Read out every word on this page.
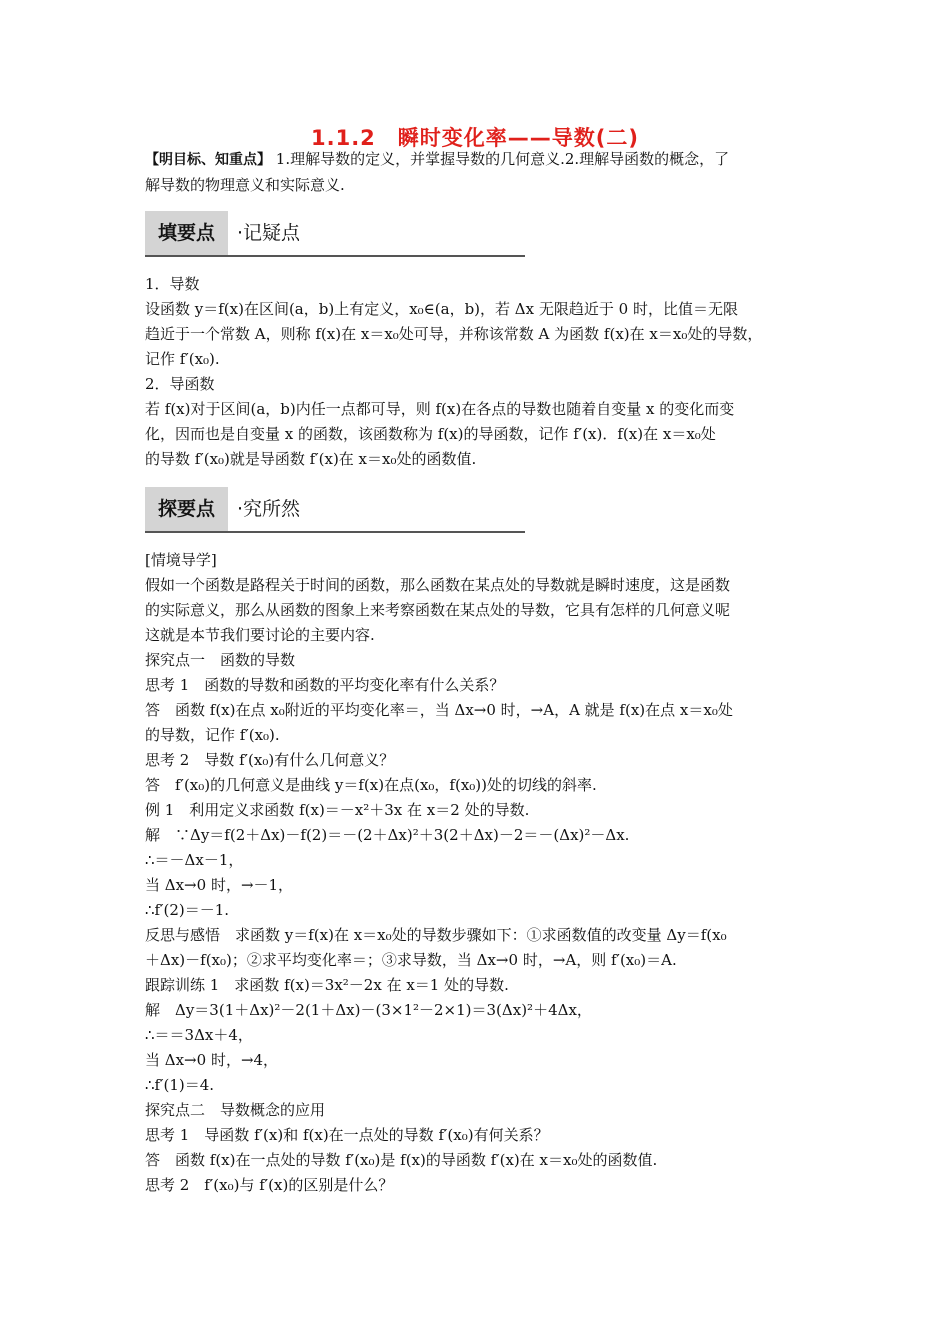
1.1.2　瞬时变化率——导数(二)
【明目标、知重点】 1.理解导数的定义，并掌握导数的几何意义.2.理解导函数的概念，了
解导数的物理意义和实际意义.
填要点	·记疑点

1．导数

设函数 y＝f(x)在区间(a，b)上有定义，x₀∈(a，b)，若 Δx 无限趋近于 0 时，比值＝无限

趋近于一个常数 A，则称 f(x)在 x＝x₀处可导，并称该常数 A 为函数 f(x)在 x＝x₀处的导数，

记作 f′(x₀).

2．导函数

若 f(x)对于区间(a，b)内任一点都可导，则 f(x)在各点的导数也随着自变量 x 的变化而变

化，因而也是自变量 x 的函数，该函数称为 f(x)的导函数，记作 f′(x)．f(x)在 x＝x₀处

的导数 f′(x₀)就是导函数 f′(x)在 x＝x₀处的函数值.

探要点	·究所然

[情境导学]

假如一个函数是路程关于时间的函数，那么函数在某点处的导数就是瞬时速度，这是函数

的实际意义，那么从函数的图象上来考察函数在某点处的导数，它具有怎样的几何意义呢

这就是本节我们要讨论的主要内容.

探究点一　函数的导数

思考 1　函数的导数和函数的平均变化率有什么关系？

答　函数 f(x)在点 x₀附近的平均变化率＝，当 Δx→0 时，→A，A 就是 f(x)在点 x＝x₀处

的导数，记作 f′(x₀).

思考 2　导数 f′(x₀)有什么几何意义？

答　f′(x₀)的几何意义是曲线 y＝f(x)在点(x₀，f(x₀))处的切线的斜率.

例 1　利用定义求函数 f(x)＝－x²＋3x 在 x＝2 处的导数.

解　∵Δy＝f(2＋Δx)－f(2)＝－(2＋Δx)²＋3(2＋Δx)－2＝－(Δx)²－Δx.

∴＝－Δx－1，

当 Δx→0 时，→－1，

∴f′(2)＝－1.

反思与感悟　求函数 y＝f(x)在 x＝x₀处的导数步骤如下：①求函数值的改变量 Δy＝f(x₀

＋Δx)－f(x₀)；②求平均变化率＝；③求导数，当 Δx→0 时，→A，则 f′(x₀)＝A.

跟踪训练 1　求函数 f(x)＝3x²－2x 在 x＝1 处的导数.

解　Δy＝3(1＋Δx)²－2(1＋Δx)－(3×1²－2×1)＝3(Δx)²＋4Δx，

∴＝＝3Δx＋4，

当 Δx→0 时，→4，

∴f′(1)＝4.

探究点二　导数概念的应用

思考 1　导函数 f′(x)和 f(x)在一点处的导数 f′(x₀)有何关系？

答　函数 f(x)在一点处的导数 f′(x₀)是 f(x)的导函数 f′(x)在 x＝x₀处的函数值.

思考 2　f′(x₀)与 f′(x)的区别是什么？
